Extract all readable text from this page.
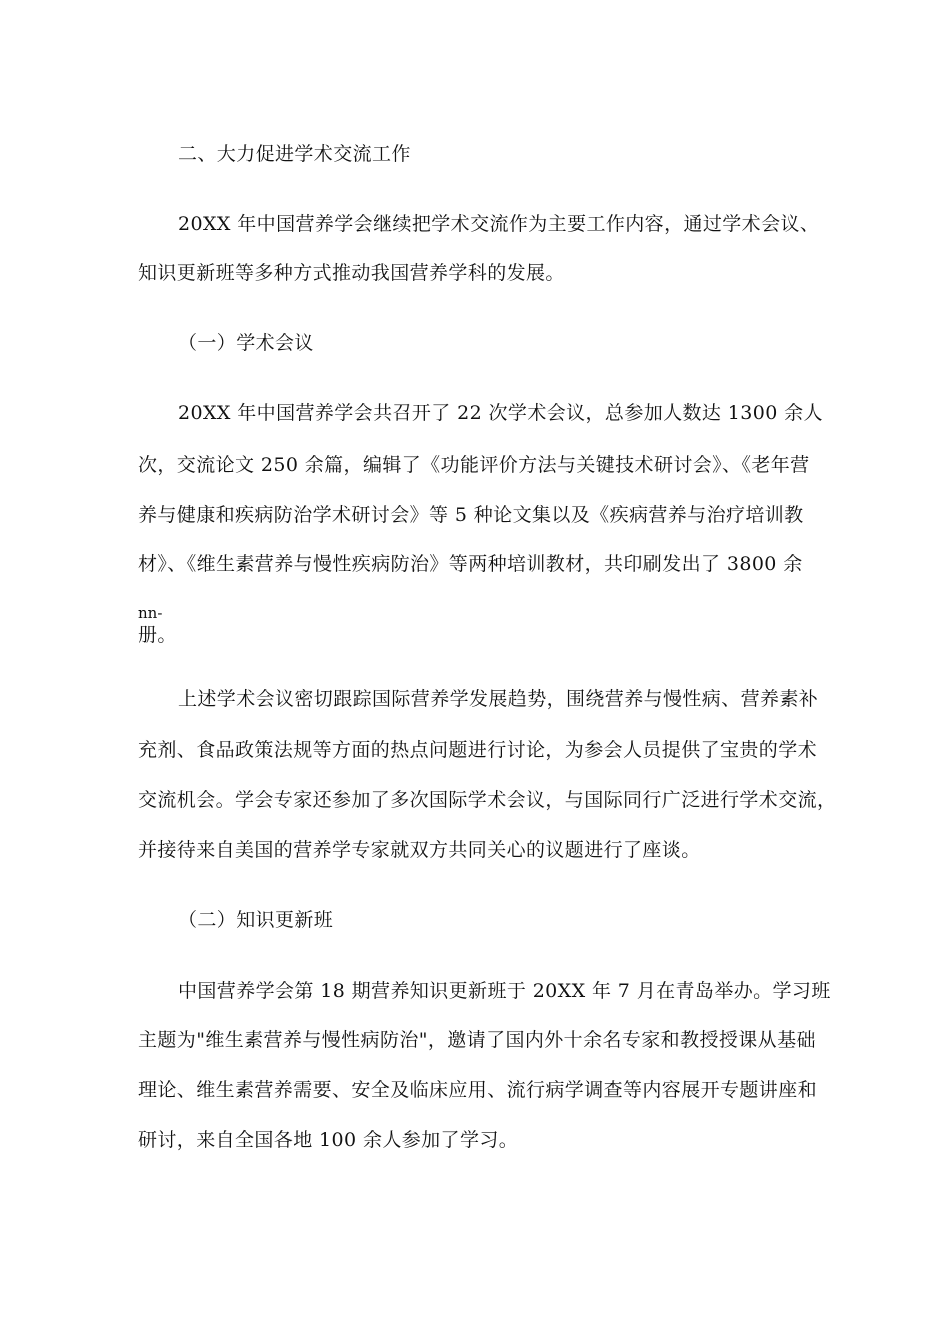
二、大力促进学术交流工作
20XX 年中国营养学会继续把学术交流作为主要工作内容，通过学术会议、
知识更新班等多种方式推动我国营养学科的发展。
（一）学术会议
20XX 年中国营养学会共召开了 22 次学术会议，总参加人数达 1300 余人
次，交流论文 250 余篇，编辑了《功能评价方法与关键技术研讨会》、《老年营
养与健康和疾病防治学术研讨会》等 5 种论文集以及《疾病营养与治疗培训教
材》、《维生素营养与慢性疾病防治》等两种培训教材，共印刷发出了 3800 余
nn-
册。
上述学术会议密切跟踪国际营养学发展趋势，围绕营养与慢性病、营养素补
充剂、食品政策法规等方面的热点问题进行讨论，为参会人员提供了宝贵的学术
交流机会。学会专家还参加了多次国际学术会议，与国际同行广泛进行学术交流，
并接待来自美国的营养学专家就双方共同关心的议题进行了座谈。
（二）知识更新班
中国营养学会第 18 期营养知识更新班于 20XX 年 7 月在青岛举办。学习班
主题为"维生素营养与慢性病防治"，邀请了国内外十余名专家和教授授课从基础
理论、维生素营养需要、安全及临床应用、流行病学调查等内容展开专题讲座和
研讨，来自全国各地 100 余人参加了学习。
